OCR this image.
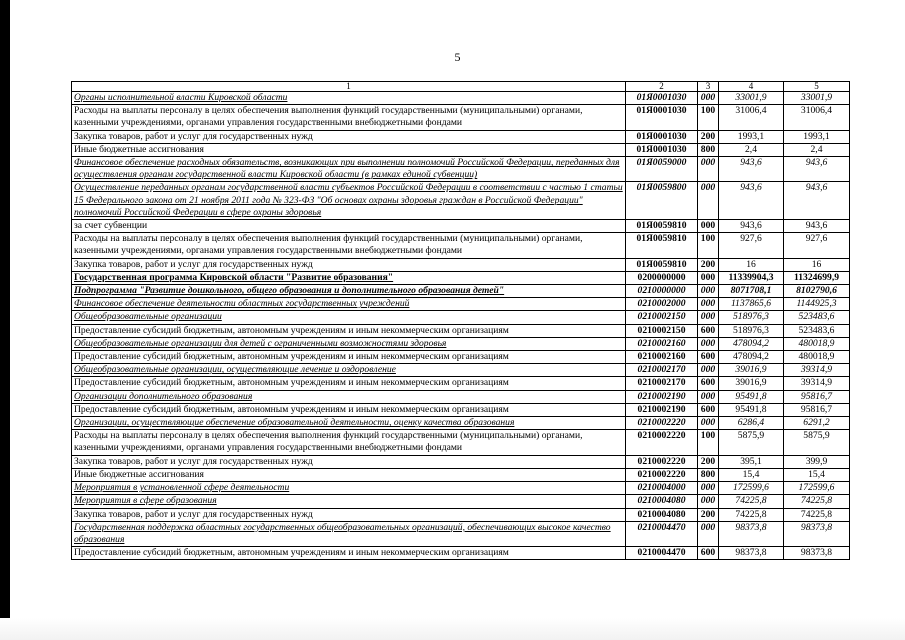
5
1	2	3	4	5
Органы исполнительной власти Кировской области	01Я0001030	000	33001,9	33001,9
Расходы на выплаты персоналу в целях обеспечения выполнения функций государственными (муниципальными) органами, казенными учреждениями, органами управления государственными внебюджетными фондами	01Я0001030	100	31006,4	31006,4
Закупка товаров, работ и услуг для государственных нужд	01Я0001030	200	1993,1	1993,1
Иные бюджетные ассигнования	01Я0001030	800	2,4	2,4
Финансовое обеспечение расходных обязательств, возникающих при выполнении полномочий Российской Федерации, переданных для осуществления органам государственной власти Кировской области (в рамках единой субвенции)	01Я0059000	000	943,6	943,6
Осуществление переданных органам государственной власти субъектов Российской Федерации в соответствии с частью 1 статьи 15 Федерального закона от 21 ноября 2011 года № 323-ФЗ "Об основах охраны здоровья граждан в Российской Федерации" полномочий Российской Федерации в сфере охраны здоровья	01Я0059800	000	943,6	943,6
за счет субвенции	01Я0059810	000	943,6	943,6
Расходы на выплаты персоналу в целях обеспечения выполнения функций государственными (муниципальными) органами, казенными учреждениями, органами управления государственными внебюджетными фондами	01Я0059810	100	927,6	927,6
Закупка товаров, работ и услуг для государственных нужд	01Я0059810	200	16	16
Государственная программа Кировской области "Развитие образования"	0200000000	000	11339904,3	11324699,9
Подпрограмма "Развитие дошкольного, общего образования и дополнительного образования детей"	0210000000	000	8071708,1	8102790,6
Финансовое обеспечение деятельности областных государственных учреждений	0210002000	000	1137865,6	1144925,3
Общеобразовательные организации	0210002150	000	518976,3	523483,6
Предоставление субсидий бюджетным, автономным учреждениям и иным некоммерческим организациям	0210002150	600	518976,3	523483,6
Общеобразовательные организации для детей с ограниченными возможностями здоровья	0210002160	000	478094,2	480018,9
Предоставление субсидий бюджетным, автономным учреждениям и иным некоммерческим организациям	0210002160	600	478094,2	480018,9
Общеобразовательные организации, осуществляющие лечение и оздоровление	0210002170	000	39016,9	39314,9
Предоставление субсидий бюджетным, автономным учреждениям и иным некоммерческим организациям	0210002170	600	39016,9	39314,9
Организации дополнительного образования	0210002190	000	95491,8	95816,7
Предоставление субсидий бюджетным, автономным учреждениям и иным некоммерческим организациям	0210002190	600	95491,8	95816,7
Организации, осуществляющие обеспечение образовательной деятельности, оценку качества образования	0210002220	000	6286,4	6291,2
Расходы на выплаты персоналу в целях обеспечения выполнения функций государственными (муниципальными) органами, казенными учреждениями, органами управления государственными внебюджетными фондами	0210002220	100	5875,9	5875,9
Закупка товаров, работ и услуг для государственных нужд	0210002220	200	395,1	399,9
Иные бюджетные ассигнования	0210002220	800	15,4	15,4
Мероприятия в установленной сфере деятельности	0210004000	000	172599,6	172599,6
Мероприятия в сфере образования	0210004080	000	74225,8	74225,8
Закупка товаров, работ и услуг для государственных нужд	0210004080	200	74225,8	74225,8
Государственная поддержка областных государственных общеобразовательных организаций, обеспечивающих высокое качество образования	0210004470	000	98373,8	98373,8
Предоставление субсидий бюджетным, автономным учреждениям и иным некоммерческим организациям	0210004470	600	98373,8	98373,8
